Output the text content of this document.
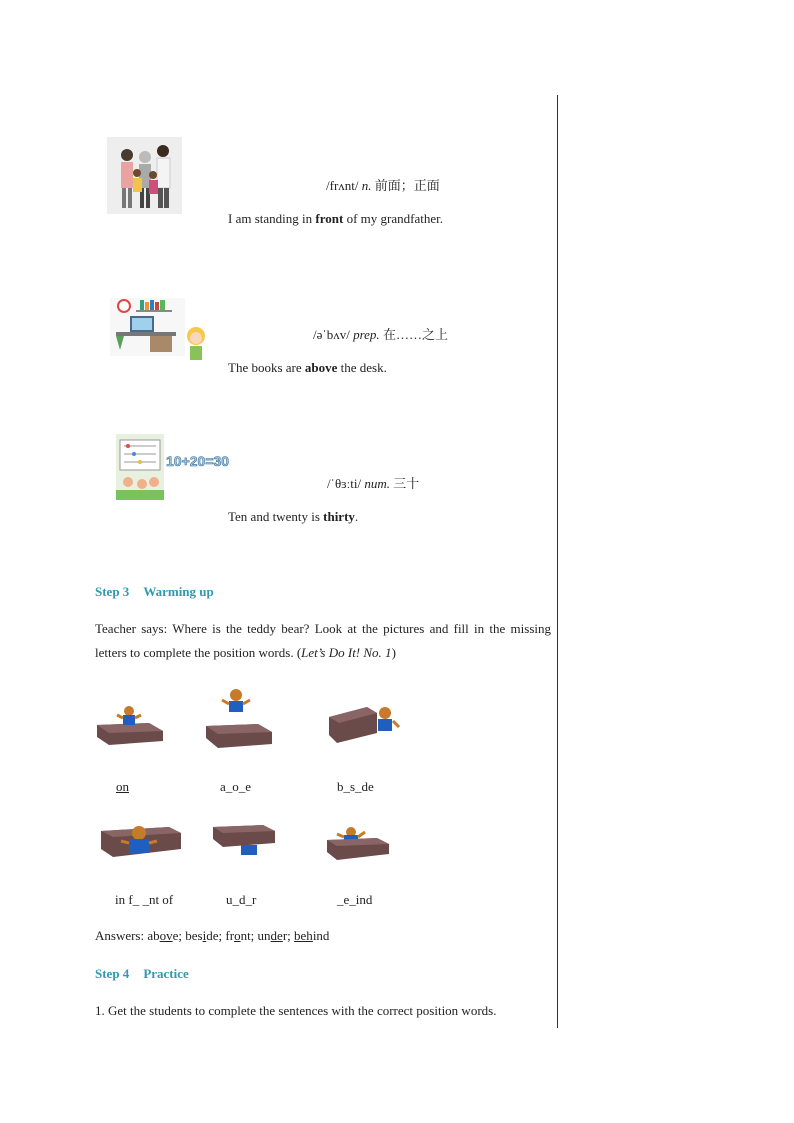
/frʌnt/ n. 前面；正面
I am standing in front of my grandfather.
/əˈbʌv/ prep. 在……之上
The books are above the desk.
10+20=30
/ˈθɜːti/ num. 三十
Ten and twenty is thirty.
Step 3 Warming up
Teacher says: Where is the teddy bear? Look at the pictures and fill in the missing letters to complete the position words. (Let’s Do It! No. 1)
on	a_o_e	b_s_de
in f_ _nt of	u_d_r	_e_ind
Answers: above; beside; front; under; behind
Step 4 Practice
1. Get the students to complete the sentences with the correct position words.
